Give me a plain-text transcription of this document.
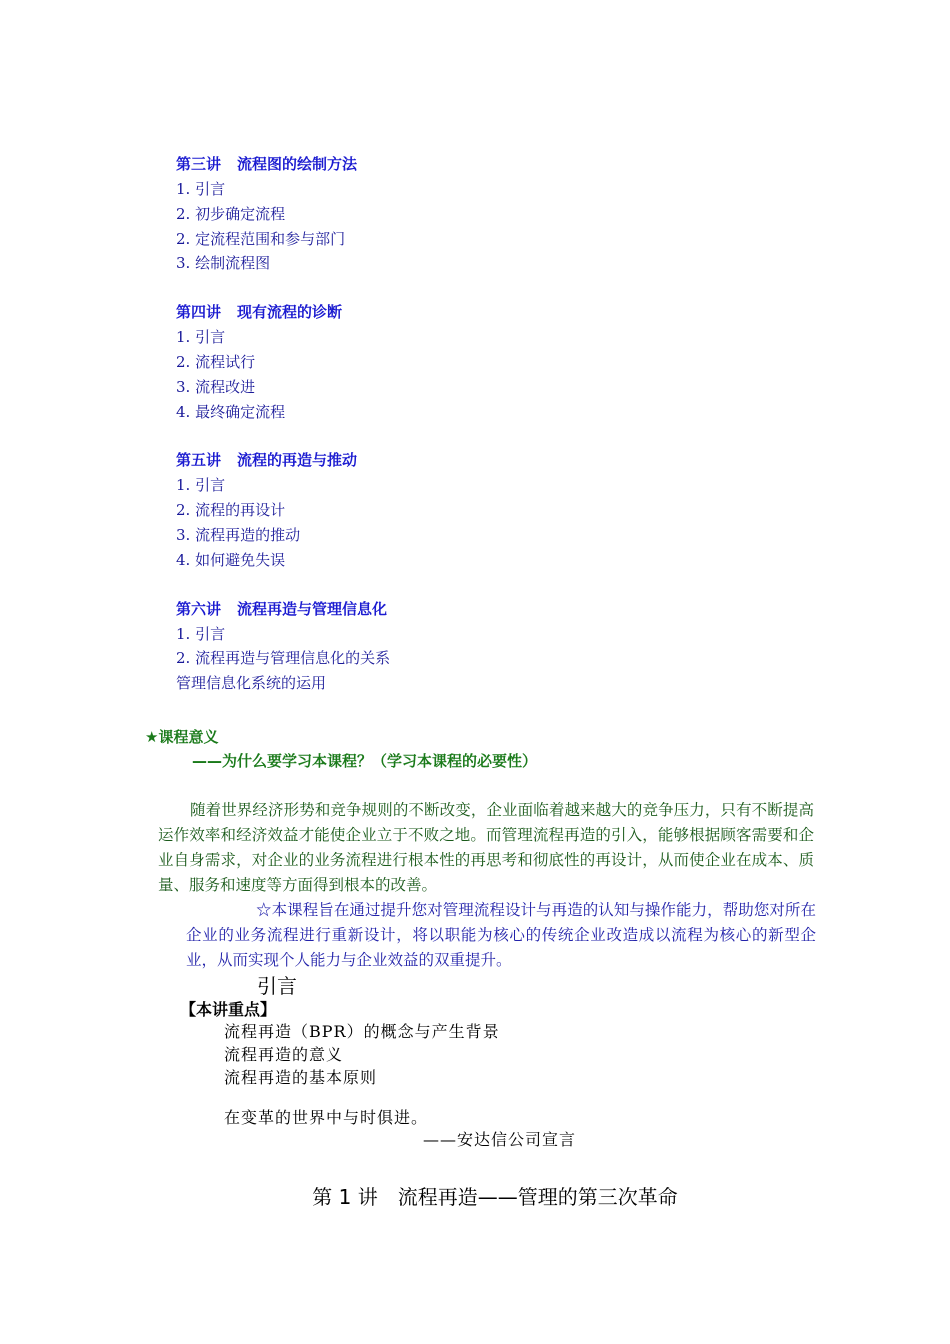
第三讲 流程图的绘制方法
1. 引言
2. 初步确定流程
2. 定流程范围和参与部门
3. 绘制流程图
第四讲 现有流程的诊断
1. 引言
2. 流程试行
3. 流程改进
4. 最终确定流程
第五讲 流程的再造与推动
1. 引言
2. 流程的再设计
3. 流程再造的推动
4. 如何避免失误
第六讲 流程再造与管理信息化
1. 引言
2. 流程再造与管理信息化的关系
管理信息化系统的运用
★课程意义
——为什么要学习本课程？（学习本课程的必要性）
随着世界经济形势和竞争规则的不断改变，企业面临着越来越大的竞争压力，只有不断提高运作效率和经济效益才能使企业立于不败之地。而管理流程再造的引入，能够根据顾客需要和企业自身需求，对企业的业务流程进行根本性的再思考和彻底性的再设计，从而使企业在成本、质量、服务和速度等方面得到根本的改善。
☆本课程旨在通过提升您对管理流程设计与再造的认知与操作能力，帮助您对所在企业的业务流程进行重新设计，将以职能为核心的传统企业改造成以流程为核心的新型企业，从而实现个人能力与企业效益的双重提升。
引言
【本讲重点】
流程再造（BPR）的概念与产生背景
流程再造的意义
流程再造的基本原则
在变革的世界中与时俱进。
——安达信公司宣言
第 1 讲　流程再造——管理的第三次革命
